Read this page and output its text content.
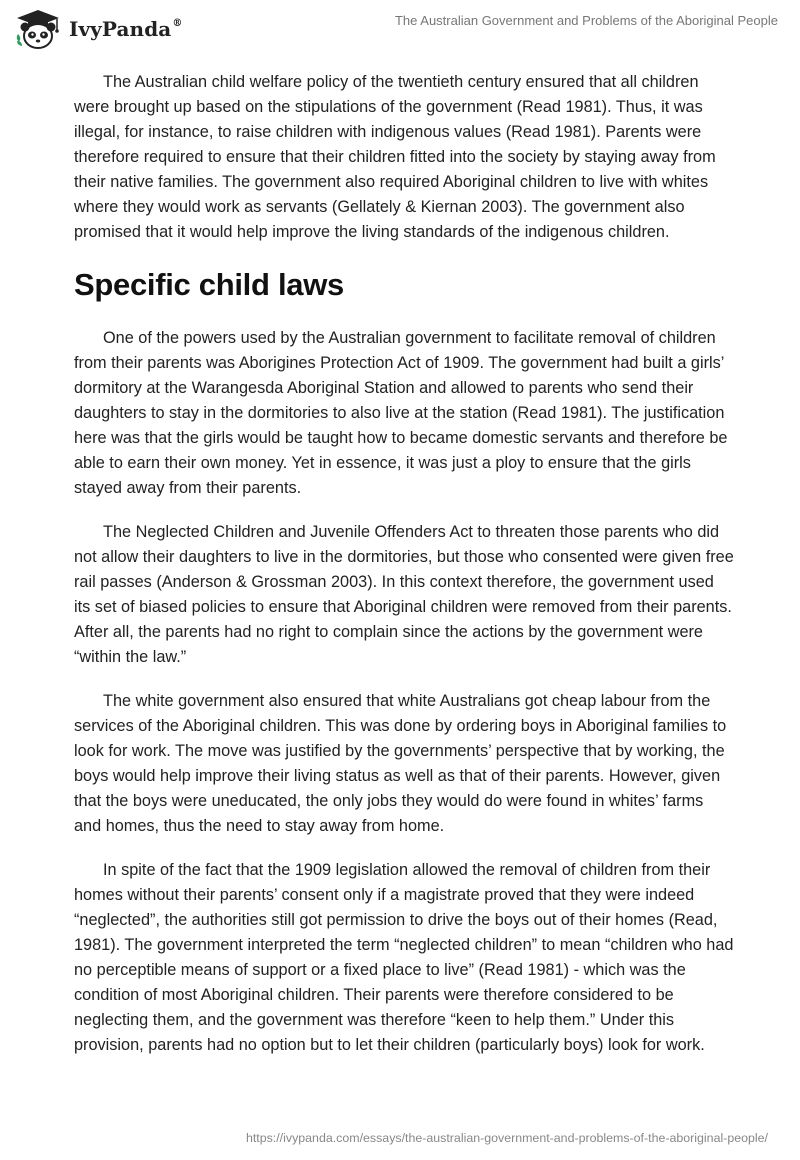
IvyPanda®	The Australian Government and Problems of the Aboriginal People

The Australian child welfare policy of the twentieth century ensured that all children were brought up based on the stipulations of the government (Read 1981). Thus, it was illegal, for instance, to raise children with indigenous values (Read 1981). Parents were therefore required to ensure that their children fitted into the society by staying away from their native families. The government also required Aboriginal children to live with whites where they would work as servants (Gellately & Kiernan 2003). The government also promised that it would help improve the living standards of the indigenous children.

Specific child laws

One of the powers used by the Australian government to facilitate removal of children from their parents was Aborigines Protection Act of 1909. The government had built a girls’ dormitory at the Warangesda Aboriginal Station and allowed to parents who send their daughters to stay in the dormitories to also live at the station (Read 1981). The justification here was that the girls would be taught how to became domestic servants and therefore be able to earn their own money. Yet in essence, it was just a ploy to ensure that the girls stayed away from their parents.

The Neglected Children and Juvenile Offenders Act to threaten those parents who did not allow their daughters to live in the dormitories, but those who consented were given free rail passes (Anderson & Grossman 2003). In this context therefore, the government used its set of biased policies to ensure that Aboriginal children were removed from their parents. After all, the parents had no right to complain since the actions by the government were “within the law.”

The white government also ensured that white Australians got cheap labour from the services of the Aboriginal children. This was done by ordering boys in Aboriginal families to look for work. The move was justified by the governments’ perspective that by working, the boys would help improve their living status as well as that of their parents. However, given that the boys were uneducated, the only jobs they would do were found in whites’ farms and homes, thus the need to stay away from home.

In spite of the fact that the 1909 legislation allowed the removal of children from their homes without their parents’ consent only if a magistrate proved that they were indeed “neglected”, the authorities still got permission to drive the boys out of their homes (Read, 1981). The government interpreted the term “neglected children” to mean “children who had no perceptible means of support or a fixed place to live” (Read 1981) - which was the condition of most Aboriginal children. Their parents were therefore considered to be neglecting them, and the government was therefore “keen to help them.” Under this provision, parents had no option but to let their children (particularly boys) look for work.

https://ivypanda.com/essays/the-australian-government-and-problems-of-the-aboriginal-people/
